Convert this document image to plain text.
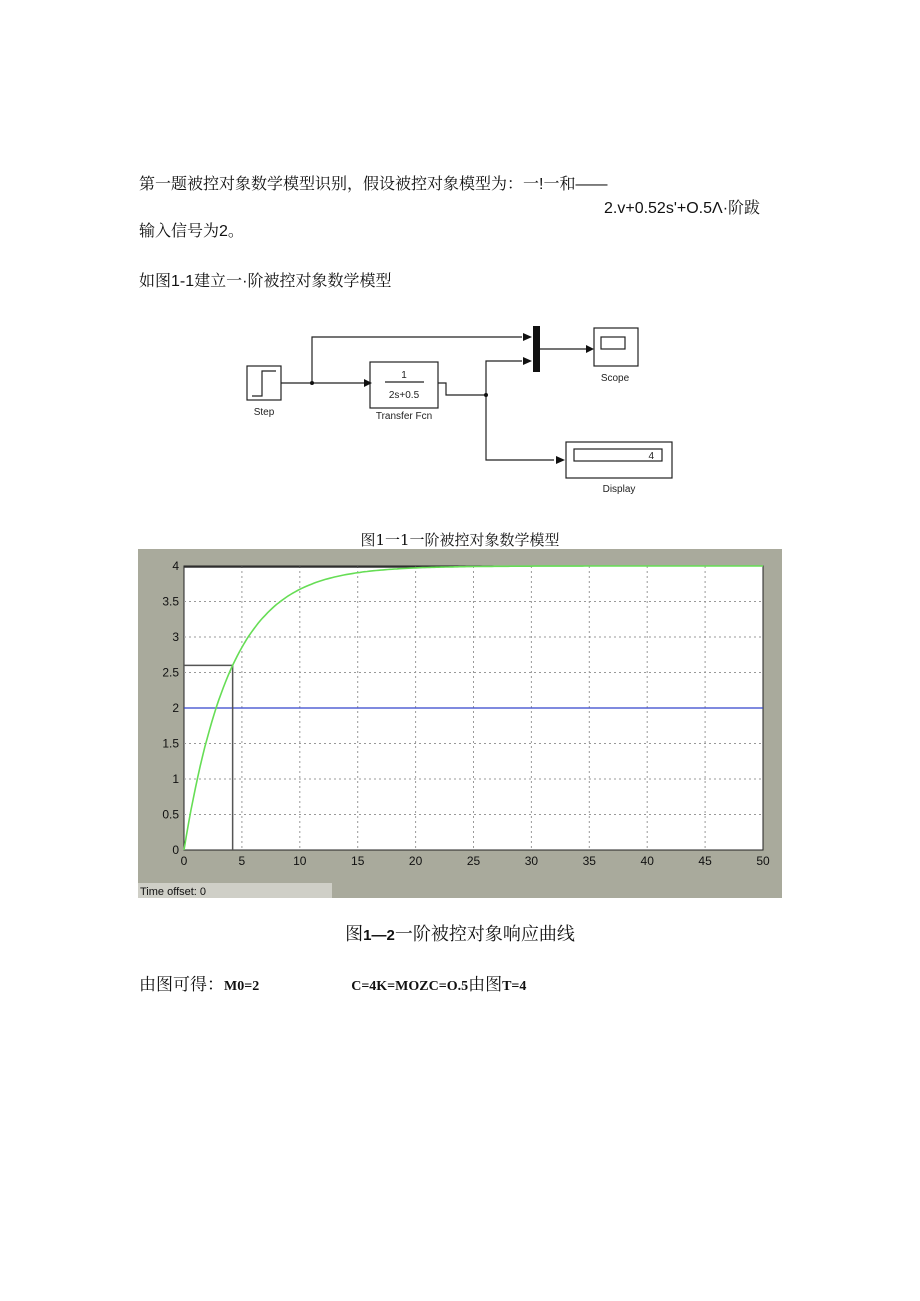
第一题被控对象数学模型识别，假设被控对象模型为：一!一和——
2.v+0.52s'+O.5Λ·阶跋
输入信号为2。
如图1-1建立一·阶被控对象数学模型
Step
1
2s+0.5
Transfer Fcn
Scope
4
Display
图1一1一阶被控对象数学模型
0	5	10	15	20	25	30	35	40	45	50
0
0.5
1
1.5
2
2.5
3
3.5
4
Time offset: 0
图1—2一阶被控对象响应曲线
由图可得：M0=2	C=4K=MOZC=O.5由图T=4
